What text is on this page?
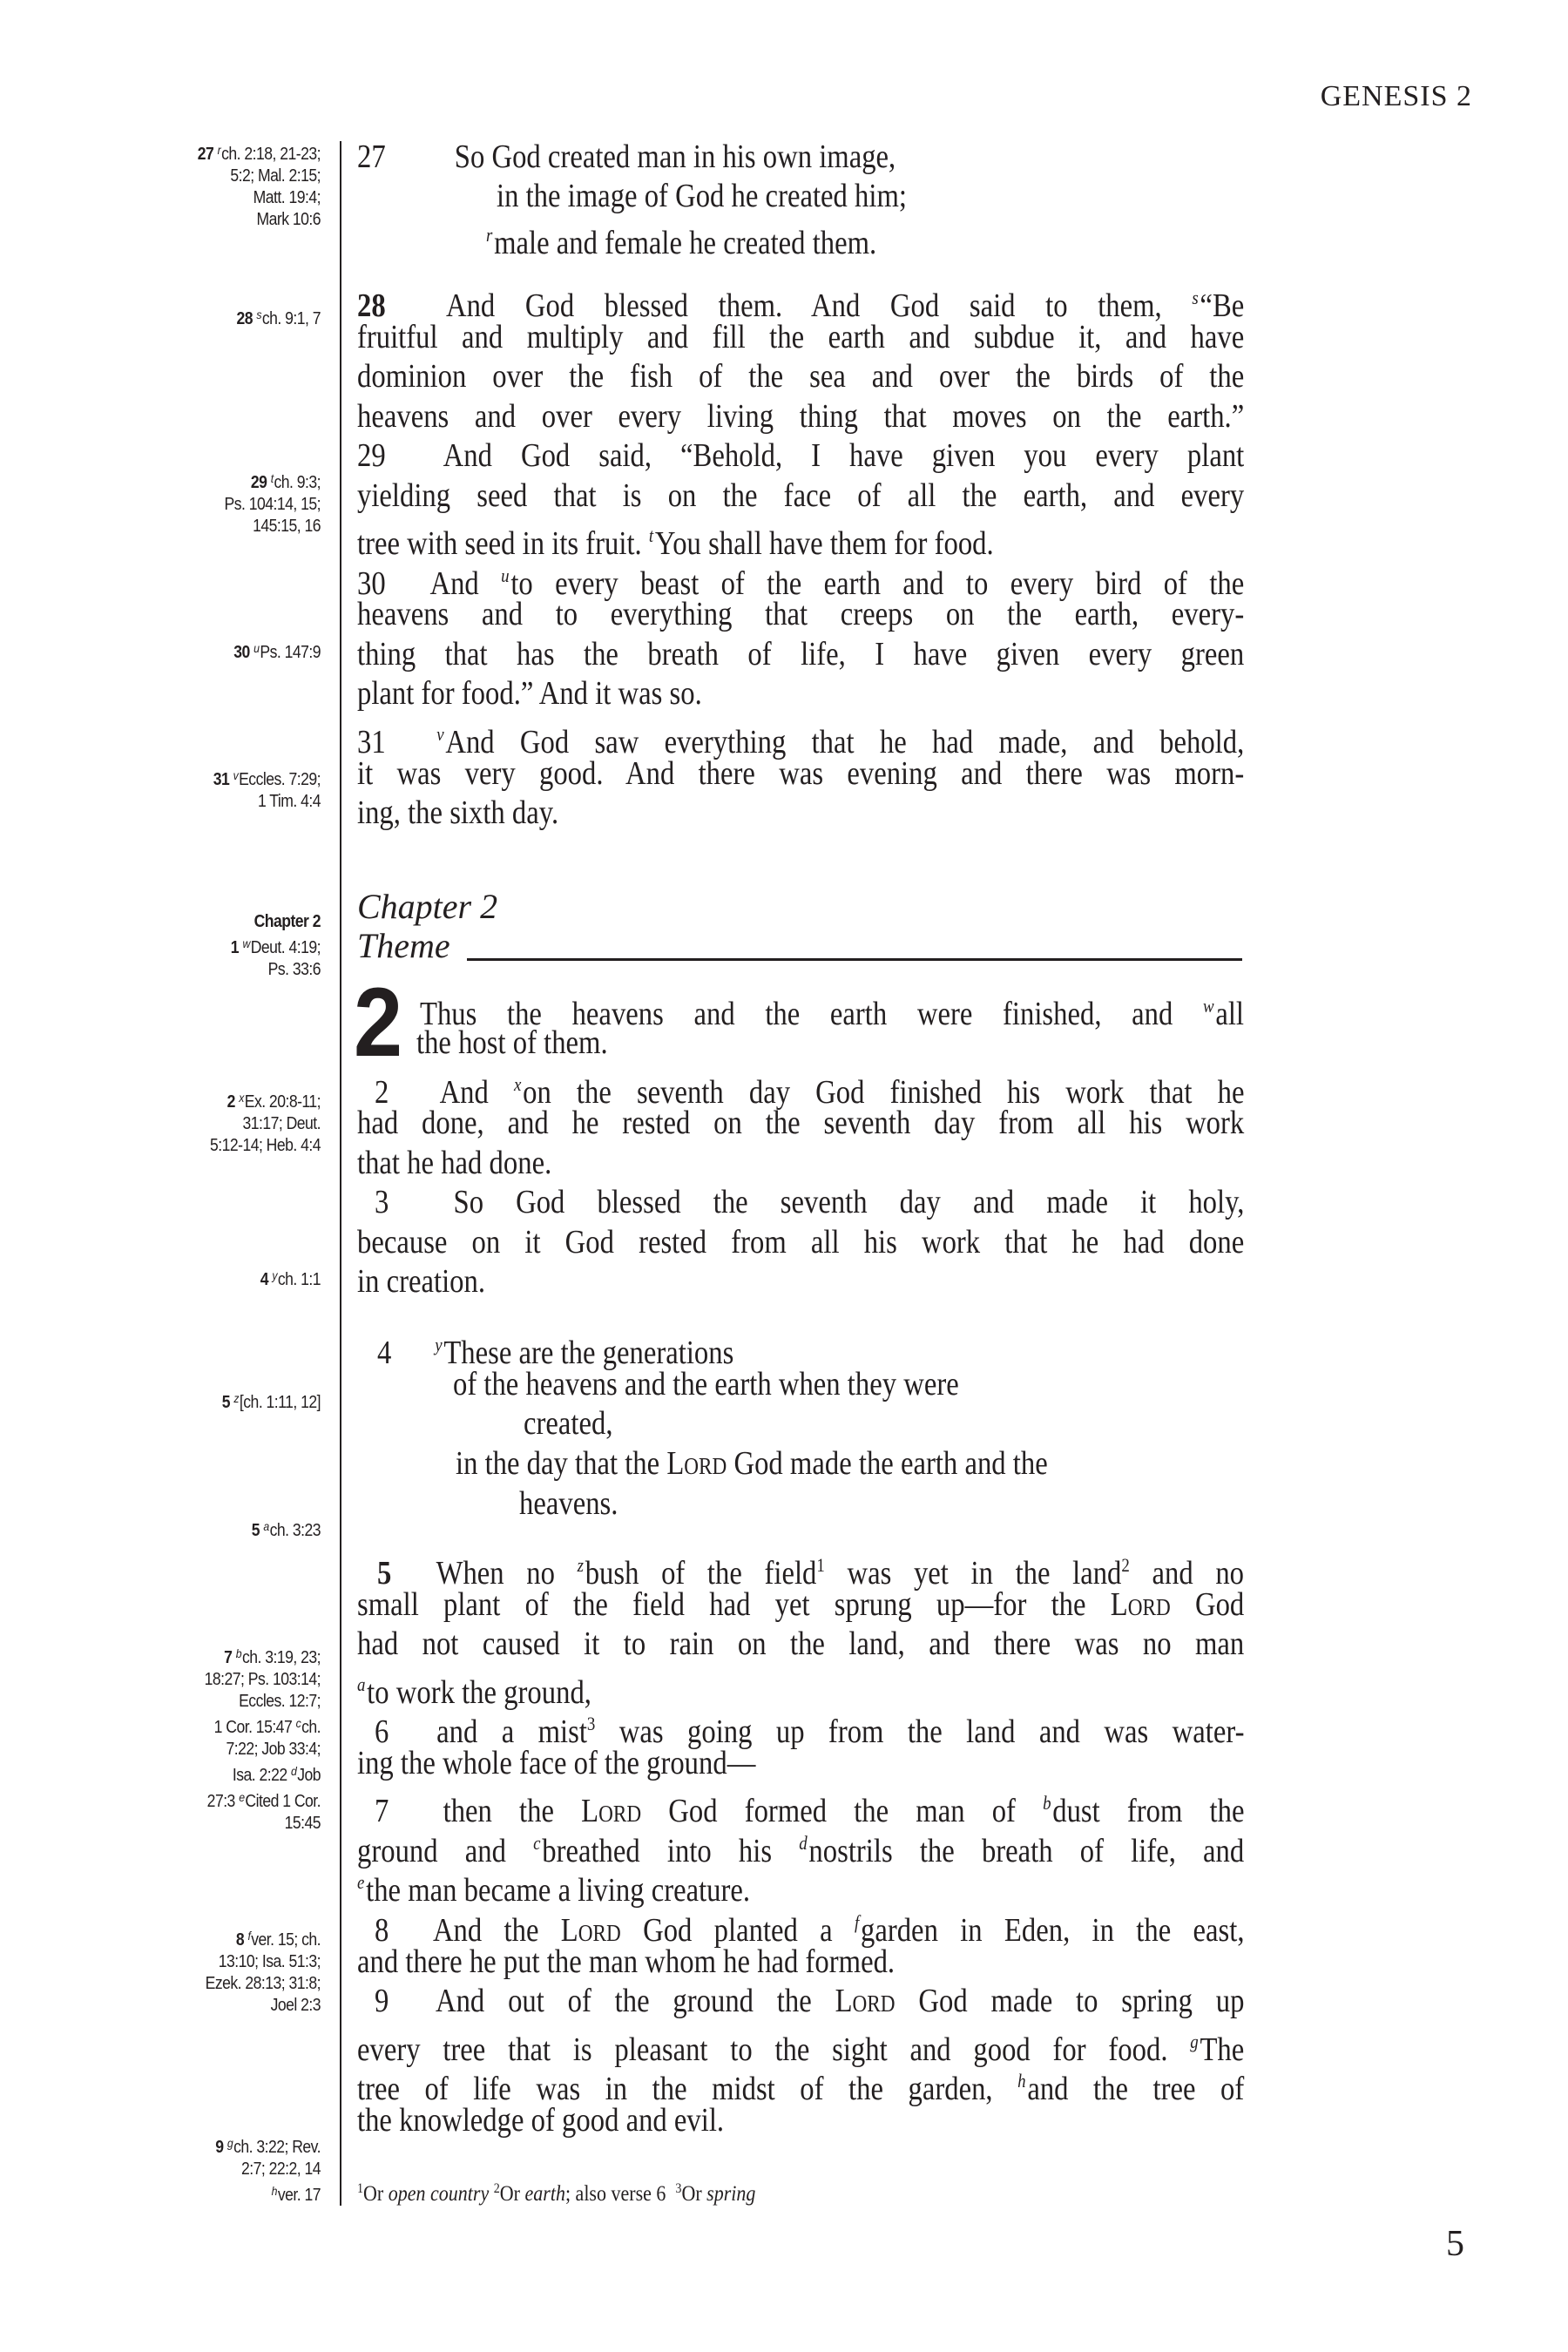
GENESIS 2
27 $^r$ch. 2:18, 21-23;
5:2; Mal. 2:15;
Matt. 19:4;
Mark 10:6
28 $^s$ch. 9:1, 7
29 $^t$ch. 9:3;
Ps. 104:14, 15;
145:15, 16
30 $^u$Ps. 147:9
31 $^v$Eccles. 7:29;
1 Tim. 4:4
Chapter 2
1 $^w$Deut. 4:19;
Ps. 33:6
2 $^x$Ex. 20:8-11;
31:17; Deut.
5:12-14; Heb. 4:4
4 $^y$ch. 1:1
5 $^z$[ch. 1:11, 12]
5 $^a$ch. 3:23
7 $^b$ch. 3:19, 23;
18:27; Ps. 103:14;
Eccles. 12:7;
1 Cor. 15:47 $^c$ch.
7:22; Job 33:4;
Isa. 2:22 $^d$Job
27:3 $^e$Cited 1 Cor.
15:45
8 $^f$ver. 15; ch.
13:10; Isa. 51:3;
Ezek. 28:13; 31:8;
Joel 2:3
9 $^g$ch. 3:22; Rev.
2:7; 22:2, 14
$^h$ver. 17
27 So God created man in his own image,
in the image of God he created him;
$^r$male and female he created them.
28 And God blessed them. And God said to them, $^s$“Be
fruitful and multiply and fill the earth and subdue it, and have
dominion over the fish of the sea and over the birds of the
heavens and over every living thing that moves on the earth.”
29 And God said, “Behold, I have given you every plant
yielding seed that is on the face of all the earth, and every
tree with seed in its fruit. $^t$You shall have them for food.
30 And $^u$to every beast of the earth and to every bird of the
heavens and to everything that creeps on the earth, every-
thing that has the breath of life, I have given every green
plant for food.” And it was so.
31	$^v$And God saw everything that he had made, and behold,
it was very good. And there was evening and there was morn-
ing, the sixth day.
Chapter 2
Theme
2 Thus the heavens and the earth were finished, and $^w$all
the host of them.
2 And $^x$on the seventh day God finished his work that he
had done, and he rested on the seventh day from all his work
that he had done.
3 So God blessed the seventh day and made it holy,
because on it God rested from all his work that he had done
in creation.
4 $^y$These are the generations
of the heavens and the earth when they were
created,
in the day that the Lord God made the earth and the
heavens.
5 When no $^z$bush of the field$^1$ was yet in the land$^2$ and no
small plant of the field had yet sprung up—for the Lord God
had not caused it to rain on the land, and there was no man
$^a$to work the ground,
6 and a mist$^3$ was going up from the land and was water-
ing the whole face of the ground—
7 then the Lord God formed the man of $^b$dust from the
ground and $^c$breathed into his $^d$nostrils the breath of life, and
$^e$the man became a living creature.
8 And the Lord God planted a $^f$garden in Eden, in the east,
and there he put the man whom he had formed.
9 And out of the ground the Lord God made to spring up
every tree that is pleasant to the sight and good for food. $^g$The
tree of life was in the midst of the garden, $^h$and the tree of
the knowledge of good and evil.
$^1$Or open country $^2$Or earth; also verse 6 $^3$Or spring
5
